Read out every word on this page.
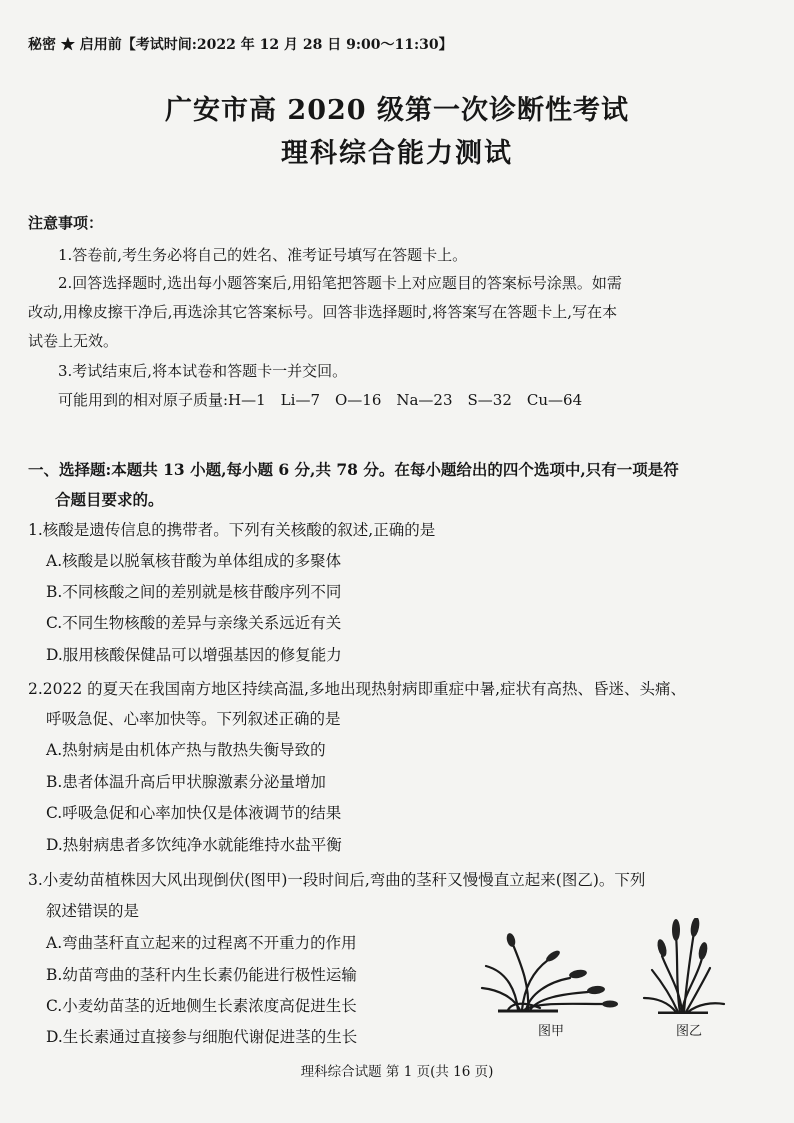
秘密 ★ 启用前【考试时间:2022 年 12 月 28 日 9:00～11:30】
广安市高 2020 级第一次诊断性考试
理科综合能力测试
注意事项：
1.答卷前,考生务必将自己的姓名、准考证号填写在答题卡上。
2.回答选择题时,选出每小题答案后,用铅笔把答题卡上对应题目的答案标号涂黑。如需
改动,用橡皮擦干净后,再选涂其它答案标号。回答非选择题时,将答案写在答题卡上,写在本
试卷上无效。
3.考试结束后,将本试卷和答题卡一并交回。
可能用到的相对原子质量:H—1　Li—7　O—16　Na—23　S—32　Cu—64
一、选择题:本题共 13 小题,每小题 6 分,共 78 分。在每小题给出的四个选项中,只有一项是符
合题目要求的。
1.核酸是遗传信息的携带者。下列有关核酸的叙述,正确的是
A.核酸是以脱氧核苷酸为单体组成的多聚体
B.不同核酸之间的差别就是核苷酸序列不同
C.不同生物核酸的差异与亲缘关系远近有关
D.服用核酸保健品可以增强基因的修复能力
2.2022 的夏天在我国南方地区持续高温,多地出现热射病即重症中暑,症状有高热、昏迷、头痛、
呼吸急促、心率加快等。下列叙述正确的是
A.热射病是由机体产热与散热失衡导致的
B.患者体温升高后甲状腺激素分泌量增加
C.呼吸急促和心率加快仅是体液调节的结果
D.热射病患者多饮纯净水就能维持水盐平衡
3.小麦幼苗植株因大风出现倒伏(图甲)一段时间后,弯曲的茎秆又慢慢直立起来(图乙)。下列
叙述错误的是
A.弯曲茎秆直立起来的过程离不开重力的作用
B.幼苗弯曲的茎秆内生长素仍能进行极性运输
C.小麦幼苗茎的近地侧生长素浓度高促进生长
D.生长素通过直接参与细胞代谢促进茎的生长	图甲	图乙
理科综合试题 第 1 页(共 16 页)
